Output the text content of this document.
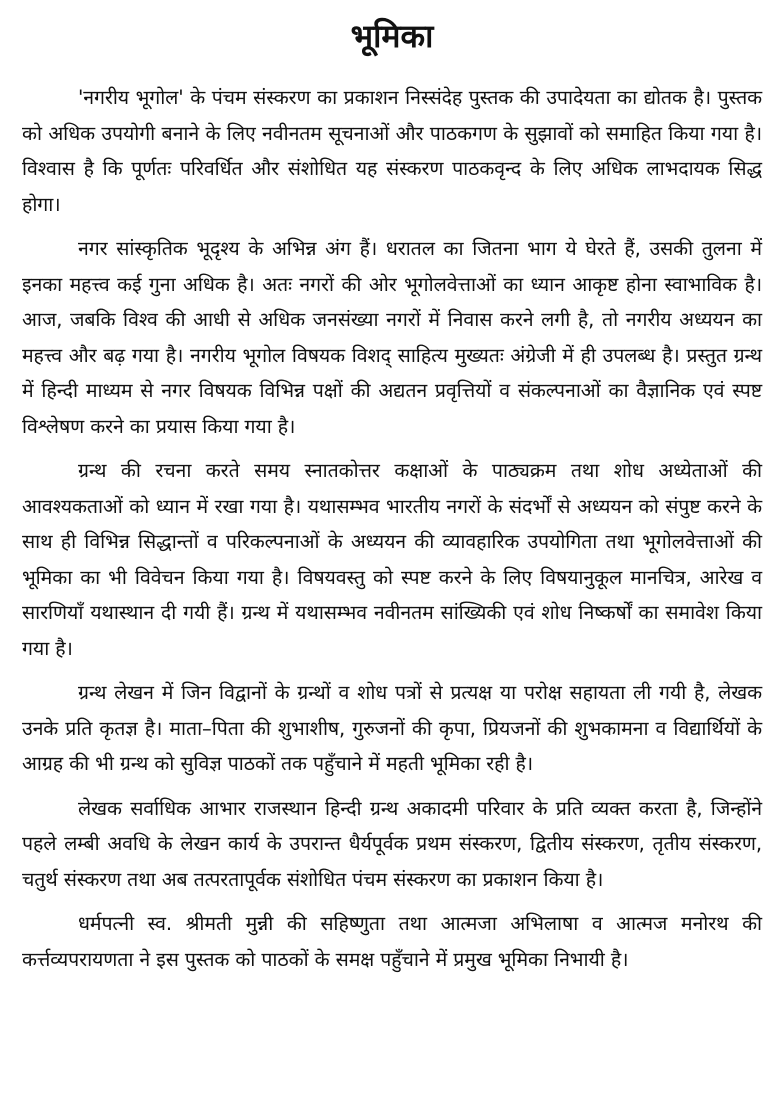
भूमिका

'नगरीय भूगोल' के पंचम संस्करण का प्रकाशन निस्संदेह पुस्तक की उपादेयता का द्योतक है। पुस्तक को अधिक उपयोगी बनाने के लिए नवीनतम सूचनाओं और पाठकगण के सुझावों को समाहित किया गया है। विश्वास है कि पूर्णतः परिवर्धित और संशोधित यह संस्करण पाठकवृन्द के लिए अधिक लाभदायक सिद्ध होगा।

नगर सांस्कृतिक भूदृश्य के अभिन्न अंग हैं। धरातल का जितना भाग ये घेरते हैं, उसकी तुलना में इनका महत्त्व कई गुना अधिक है। अतः नगरों की ओर भूगोलवेत्ताओं का ध्यान आकृष्ट होना स्वाभाविक है। आज, जबकि विश्व की आधी से अधिक जनसंख्या नगरों में निवास करने लगी है, तो नगरीय अध्ययन का महत्त्व और बढ़ गया है। नगरीय भूगोल विषयक विशद् साहित्य मुख्यतः अंग्रेजी में ही उपलब्ध है। प्रस्तुत ग्रन्थ में हिन्दी माध्यम से नगर विषयक विभिन्न पक्षों की अद्यतन प्रवृत्तियों व संकल्पनाओं का वैज्ञानिक एवं स्पष्ट विश्लेषण करने का प्रयास किया गया है।

ग्रन्थ की रचना करते समय स्नातकोत्तर कक्षाओं के पाठ्यक्रम तथा शोध अध्येताओं की आवश्यकताओं को ध्यान में रखा गया है। यथासम्भव भारतीय नगरों के संदर्भों से अध्ययन को संपुष्ट करने के साथ ही विभिन्न सिद्धान्तों व परिकल्पनाओं के अध्ययन की व्यावहारिक उपयोगिता तथा भूगोलवेत्ताओं की भूमिका का भी विवेचन किया गया है। विषयवस्तु को स्पष्ट करने के लिए विषयानुकूल मानचित्र, आरेख व सारणियाँ यथास्थान दी गयी हैं। ग्रन्थ में यथासम्भव नवीनतम सांख्यिकी एवं शोध निष्कर्षों का समावेश किया गया है।

ग्रन्थ लेखन में जिन विद्वानों के ग्रन्थों व शोध पत्रों से प्रत्यक्ष या परोक्ष सहायता ली गयी है, लेखक उनके प्रति कृतज्ञ है। माता–पिता की शुभाशीष, गुरुजनों की कृपा, प्रियजनों की शुभकामना व विद्यार्थियों के आग्रह की भी ग्रन्थ को सुविज्ञ पाठकों तक पहुँचाने में महती भूमिका रही है।

लेखक सर्वाधिक आभार राजस्थान हिन्दी ग्रन्थ अकादमी परिवार के प्रति व्यक्त करता है, जिन्होंने पहले लम्बी अवधि के लेखन कार्य के उपरान्त धैर्यपूर्वक प्रथम संस्करण, द्वितीय संस्करण, तृतीय संस्करण, चतुर्थ संस्करण तथा अब तत्परतापूर्वक संशोधित पंचम संस्करण का प्रकाशन किया है।

धर्मपत्नी स्व. श्रीमती मुन्नी की सहिष्णुता तथा आत्मजा अभिलाषा व आत्मज मनोरथ की कर्त्तव्यपरायणता ने इस पुस्तक को पाठकों के समक्ष पहुँचाने में प्रमुख भूमिका निभायी है।
